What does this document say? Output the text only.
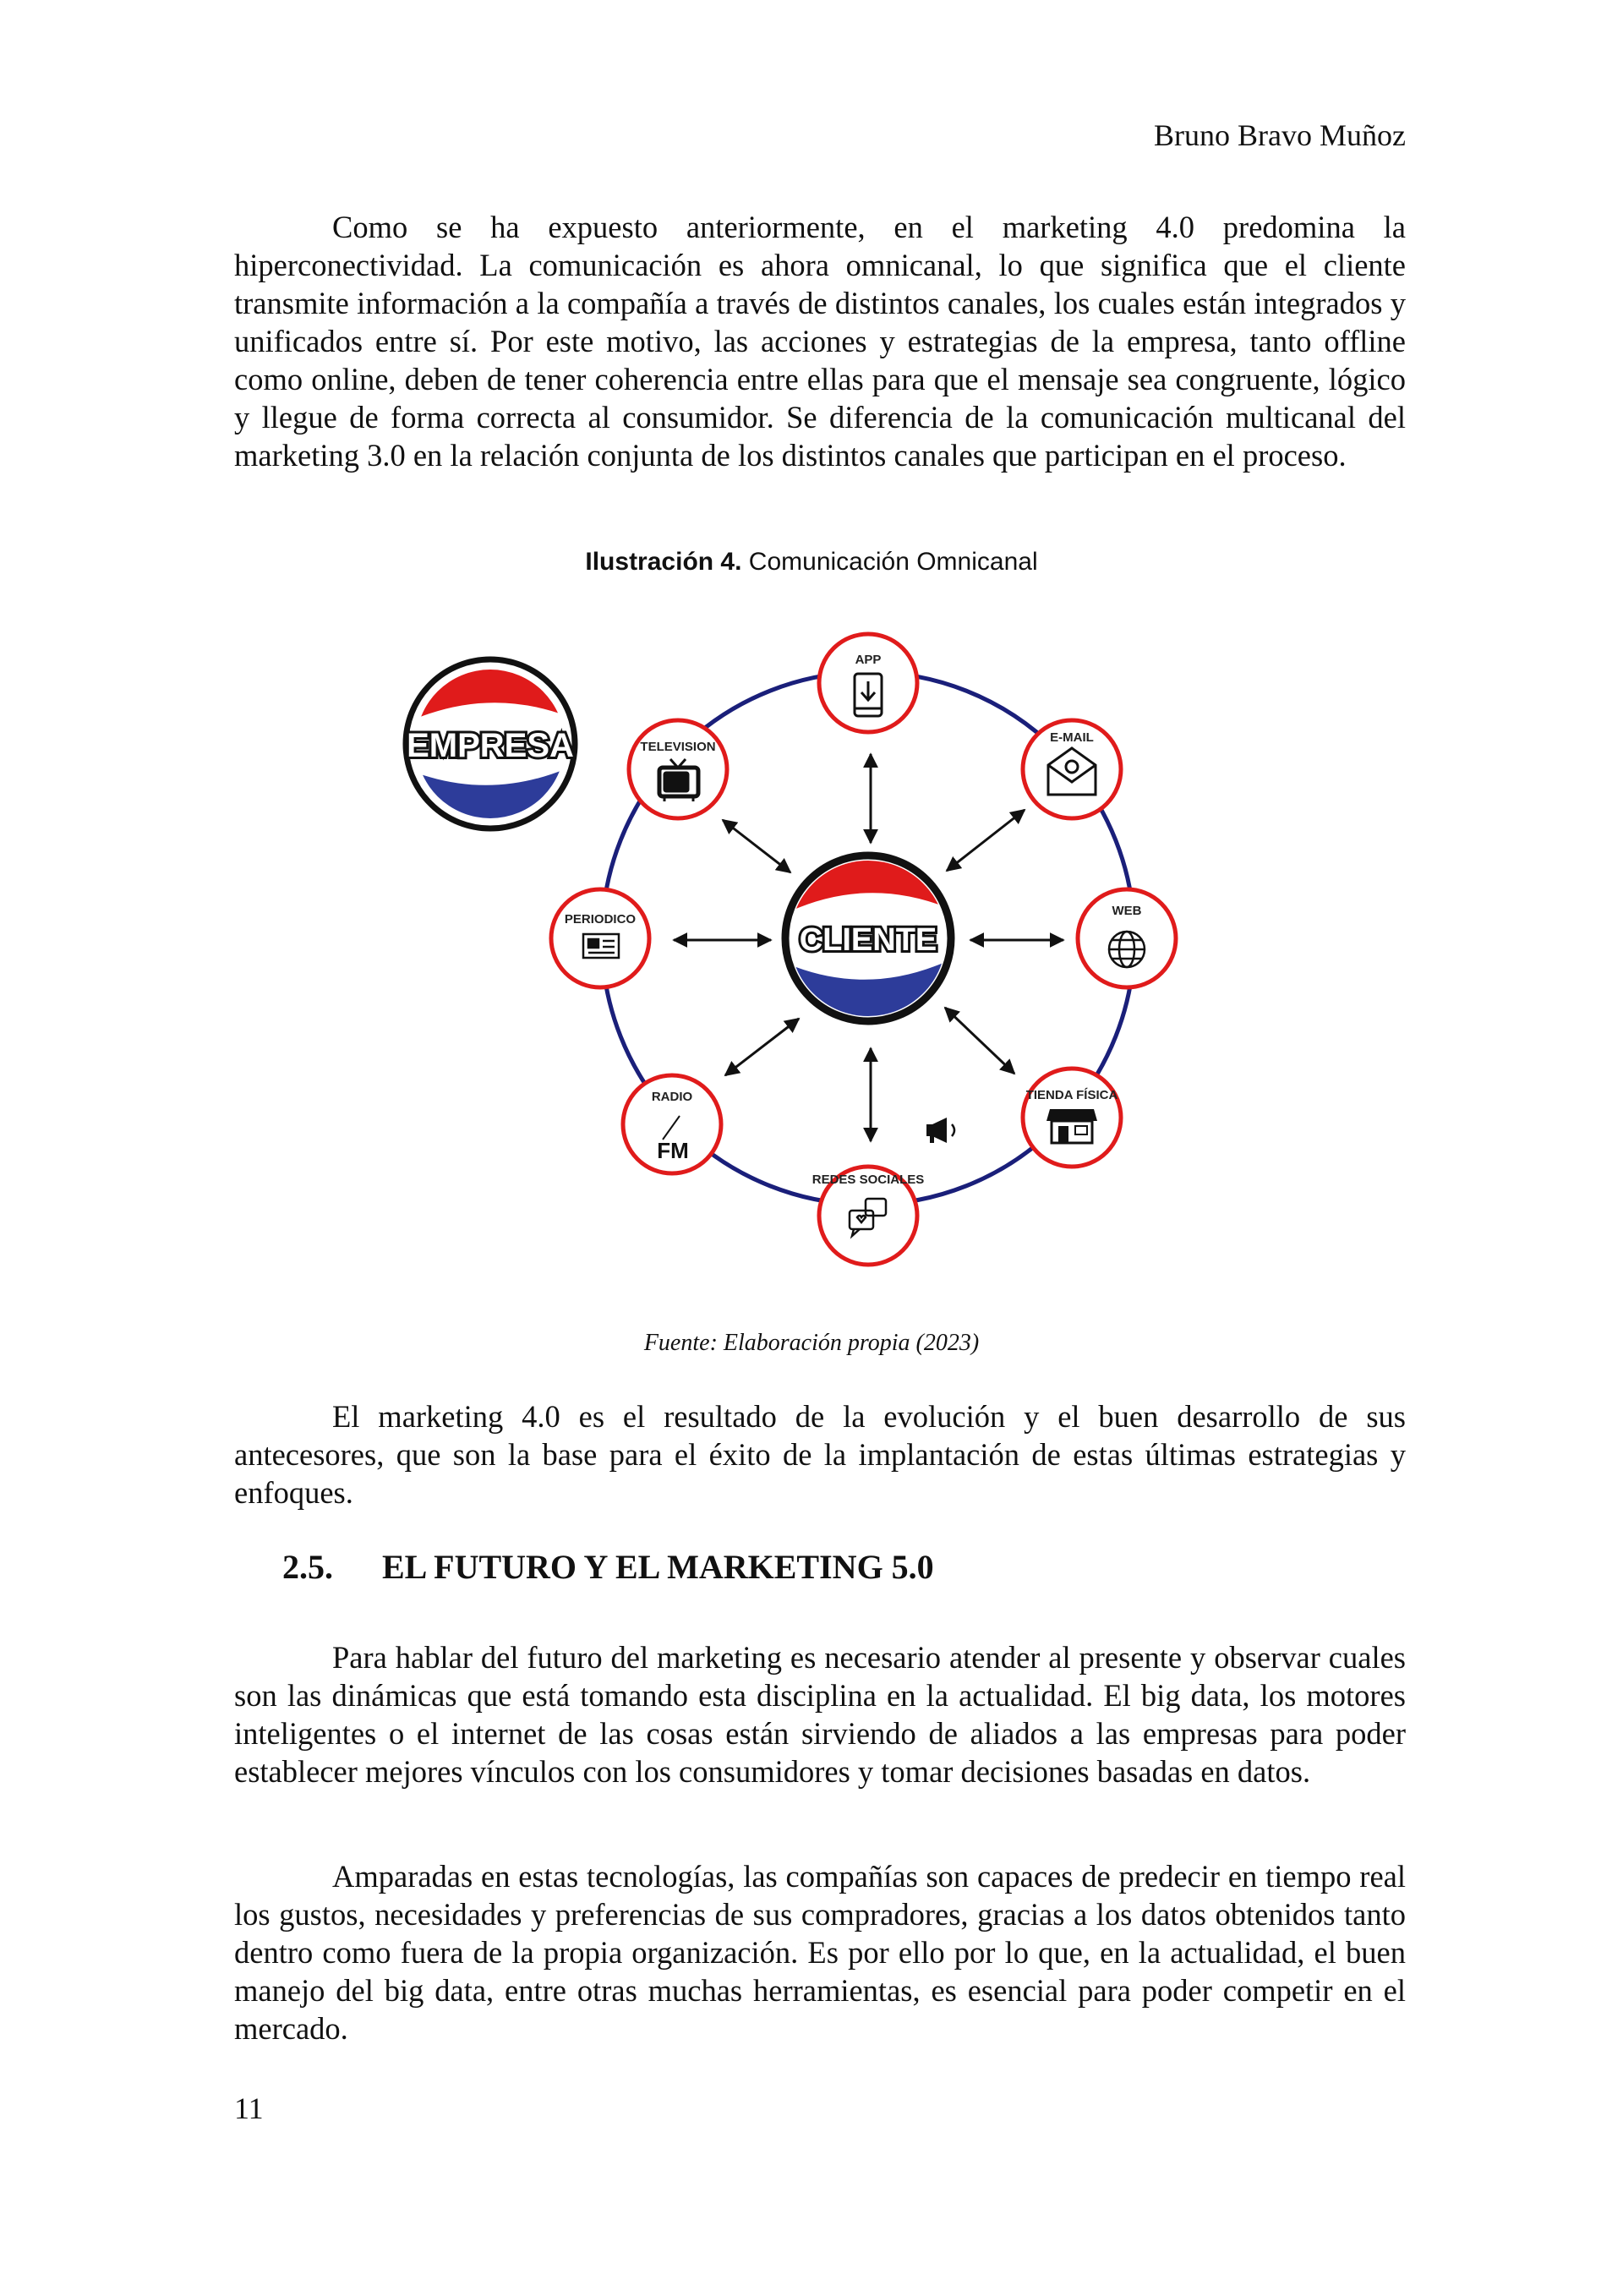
Bruno Bravo Muñoz

Como se ha expuesto anteriormente, en el marketing 4.0 predomina la hiperconectividad. La comunicación es ahora omnicanal, lo que significa que el cliente transmite información a la compañía a través de distintos canales, los cuales están integrados y unificados entre sí. Por este motivo, las acciones y estrategias de la empresa, tanto offline como online, deben de tener coherencia entre ellas para que el mensaje sea congruente, lógico y llegue de forma correcta al consumidor. Se diferencia de la comunicación multicanal del marketing 3.0 en la relación conjunta de los distintos canales que participan en el proceso.

Ilustración 4. Comunicación Omnicanal
EMPRESA
CLIENTE
APP
E-MAIL
WEB
TIENDA FÍSICA
REDES SOCIALES
RADIO
FM
PERIODICO
TELEVISION
Fuente: Elaboración propia (2023)

El marketing 4.0 es el resultado de la evolución y el buen desarrollo de sus antecesores, que son la base para el éxito de la implantación de estas últimas estrategias y enfoques.

2.5. EL FUTURO Y EL MARKETING 5.0

Para hablar del futuro del marketing es necesario atender al presente y observar cuales son las dinámicas que está tomando esta disciplina en la actualidad. El big data, los motores inteligentes o el internet de las cosas están sirviendo de aliados a las empresas para poder establecer mejores vínculos con los consumidores y tomar decisiones basadas en datos.

Amparadas en estas tecnologías, las compañías son capaces de predecir en tiempo real los gustos, necesidades y preferencias de sus compradores, gracias a los datos obtenidos tanto dentro como fuera de la propia organización. Es por ello por lo que, en la actualidad, el buen manejo del big data, entre otras muchas herramientas, es esencial para poder competir en el mercado.

11
